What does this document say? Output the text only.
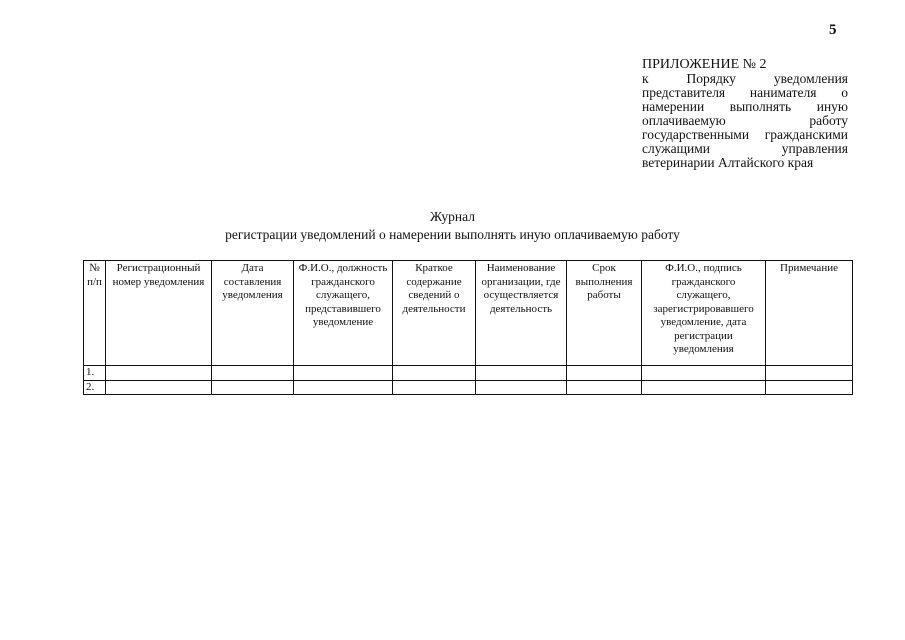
5
ПРИЛОЖЕНИЕ № 2
к Порядку уведомления представителя нанимателя о намерении выполнять иную оплачиваемую работу государственными гражданскими служащими управления ветеринарии Алтайского края
Журнал
регистрации уведомлений о намерении выполнять иную оплачиваемую работу
№ п/п	Регистрационный номер уведомления	Дата составления уведомления	Ф.И.О., должность гражданского служащего, представившего уведомление	Краткое содержание сведений о деятельности	Наименование организации, где осуществляется деятельность	Срок выполнения работы	Ф.И.О., подпись гражданского служащего, зарегистрировавшего уведомление, дата регистрации уведомления	Примечание
1.								
2.								
